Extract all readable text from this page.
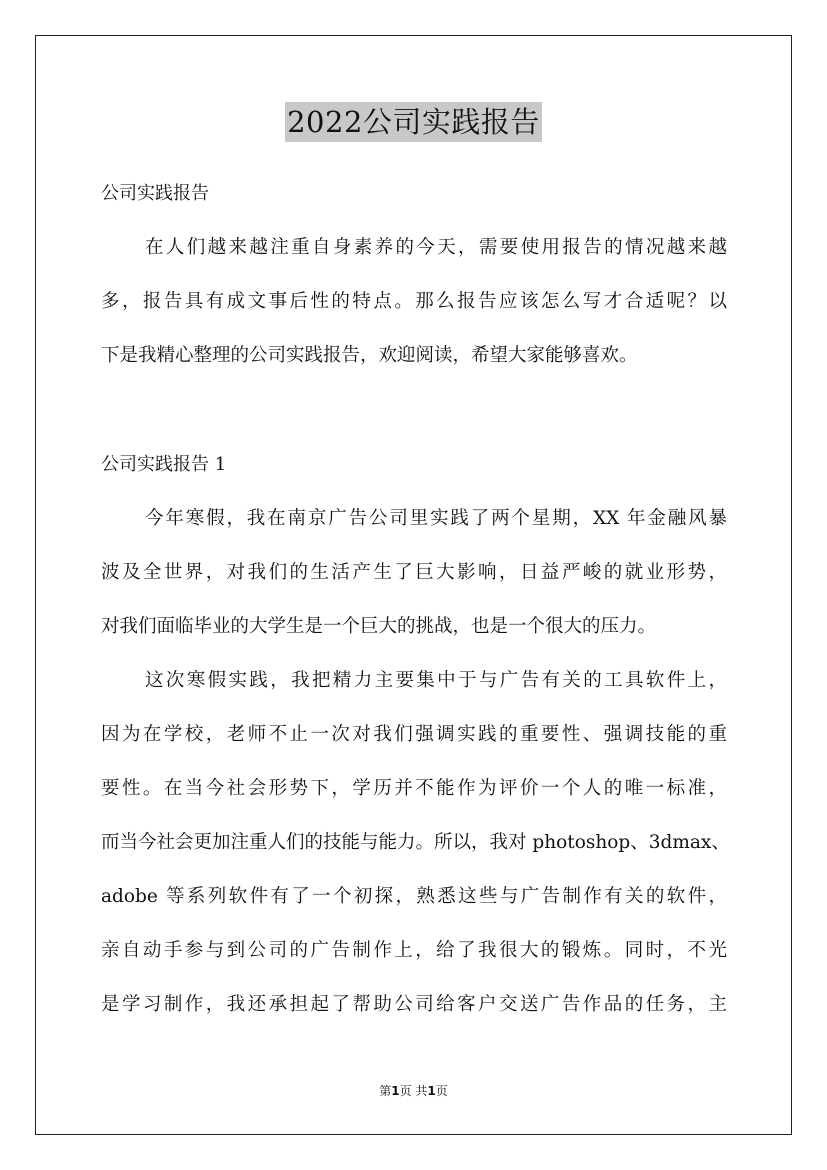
2022公司实践报告
公司实践报告
在人们越来越注重自身素养的今天，需要使用报告的情况越来越
多，报告具有成文事后性的特点。那么报告应该怎么写才合适呢？以
下是我精心整理的公司实践报告，欢迎阅读，希望大家能够喜欢。
公司实践报告 1
今年寒假，我在南京广告公司里实践了两个星期，XX 年金融风暴
波及全世界，对我们的生活产生了巨大影响，日益严峻的就业形势，
对我们面临毕业的大学生是一个巨大的挑战，也是一个很大的压力。
这次寒假实践，我把精力主要集中于与广告有关的工具软件上，
因为在学校，老师不止一次对我们强调实践的重要性、强调技能的重
要性。在当今社会形势下，学历并不能作为评价一个人的唯一标准，
而当今社会更加注重人们的技能与能力。所以，我对 photoshop、3dmax、
adobe 等系列软件有了一个初探，熟悉这些与广告制作有关的软件，
亲自动手参与到公司的广告制作上，给了我很大的锻炼。同时，不光
是学习制作，我还承担起了帮助公司给客户交送广告作品的任务，主
第1页 共1页
